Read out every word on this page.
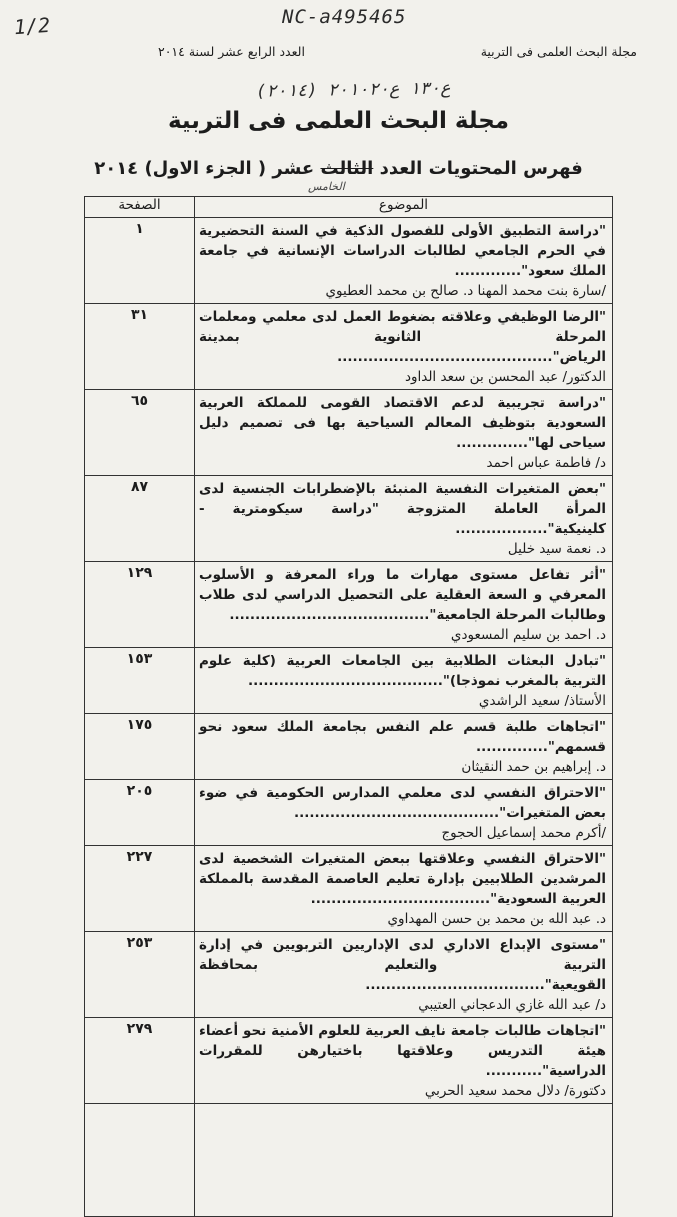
1/2	NC-a495465
ع١٣٠ ع٢٠١٠٢٠ (٢٠١٤)
مجلة البحث العلمى فى التربية
العدد الرابع عشر لسنة ٢٠١٤
مجلة البحث العلمى فى التربية
فهرس المحتويات العدد الثالث عشر ( الجزء الاول) ٢٠١٤
الخامس
الموضوع	الصفحة

"دراسة التطبيق الأولى للفصول الذكية في السنة التحضيرية في الحرم الجامعي لطالبات الدراسات الإنسانية في جامعة الملك سعود".............
/سارة بنت محمد المهنا د. صالح بن محمد العطيوي	١

"الرضا الوظيفي وعلاقته بضغوط العمل لدى معلمي ومعلمات المرحلة الثانوية بمدينة الرياض"..........................................
الدكتور/ عبد المحسن بن سعد الداود	٣١

"دراسة تجريبية لدعم الاقتصاد القومى للمملكة العربية السعودية بتوظيف المعالم السياحية بها فى تصميم دليل سياحى لها"..............
د/ فاطمة عباس احمد	٦٥

"بعض المتغيرات النفسية المنبئة بالإضطرابات الجنسية لدى المرأة العاملة المتزوجة "دراسة سيكومترية - كلينيكية"..................
د. نعمة سيد خليل	٨٧

"أثر تفاعل مستوى مهارات ما وراء المعرفة و الأسلوب المعرفي و السعة العقلية على التحصيل الدراسي لدى طلاب وطالبات المرحلة الجامعية".......................................
د. احمد بن سليم المسعودي	١٢٩

"تبادل البعثات الطلابية بين الجامعات العربية (كلية علوم التربية بالمغرب نموذجا)"......................................
الأستاذ/ سعيد الراشدي	١٥٣

"اتجاهات طلبة قسم علم النفس بجامعة الملك سعود نحو قسمهم"..............
د. إبراهيم بن حمد النقيثان	١٧٥

"الاحتراق النفسي لدى معلمي المدارس الحكومية في ضوء بعض المتغيرات"........................................
/أكرم محمد إسماعيل الحجوج	٢٠٥

"الاحتراق النفسي وعلاقتها ببعض المتغيرات الشخصية لدى المرشدين الطلابيين بإدارة تعليم العاصمة المقدسة بالمملكة العربية السعودية"...................................
د. عبد الله بن محمد بن حسن المهداوي	٢٢٧

"مستوى الإبداع الاداري لدى الإداريين التربويين في إدارة التربية والتعليم بمحافظة القويعية"...................................
د/ عبد الله غازي الدعجاني العتيبي	٢٥٣

"اتجاهات طالبات جامعة نايف العربية للعلوم الأمنية نحو أعضاء هيئة التدريس وعلاقتها باختيارهن للمقررات الدراسية"...........
دكتورة/ دلال محمد سعيد الحربي	٢٧٩
